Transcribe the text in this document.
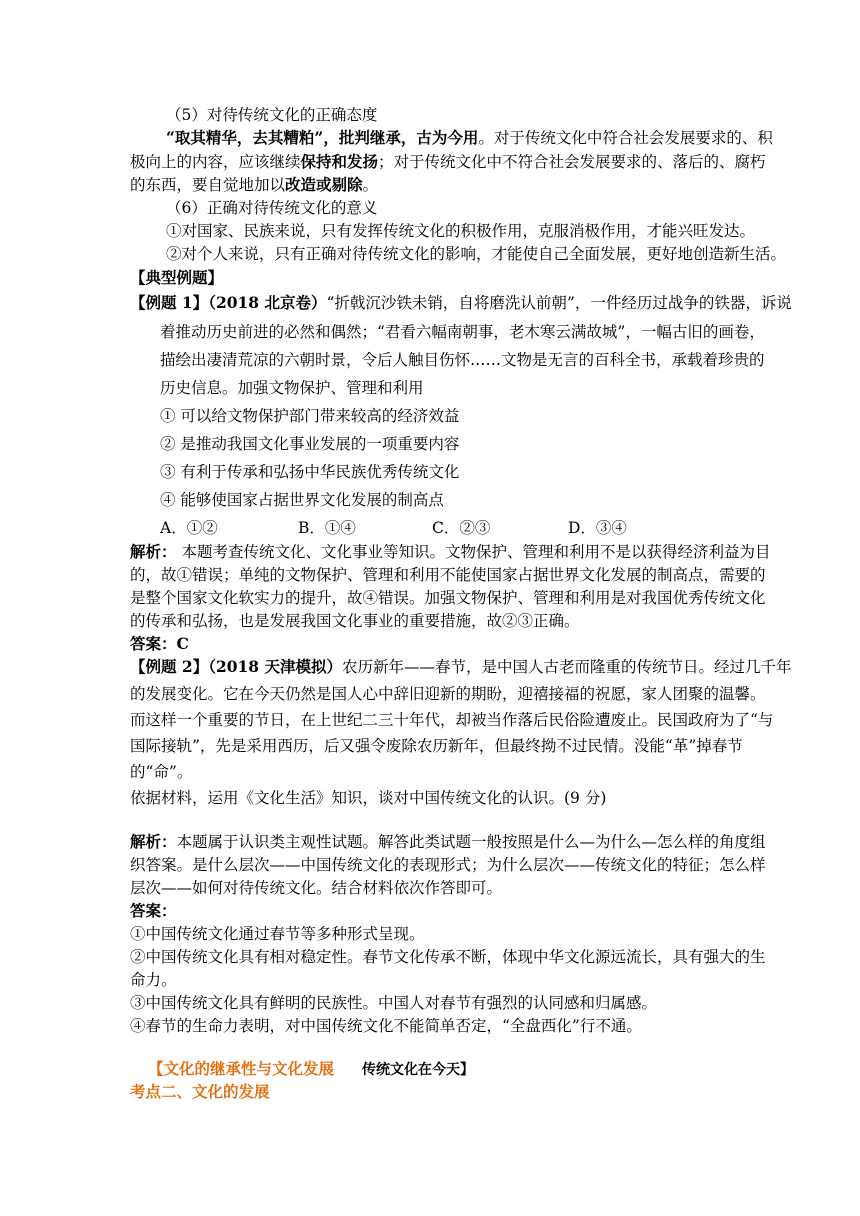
（5）对待传统文化的正确态度
“取其精华，去其糟粕”，批判继承，古为今用。对于传统文化中符合社会发展要求的、积
极向上的内容，应该继续保持和发扬；对于传统文化中不符合社会发展要求的、落后的、腐朽
的东西，要自觉地加以改造或剔除。
（6）正确对待传统文化的意义
①对国家、民族来说，只有发挥传统文化的积极作用，克服消极作用，才能兴旺发达。
②对个人来说，只有正确对待传统文化的影响，才能使自己全面发展，更好地创造新生活。
【典型例题】
【例题 1】（2018 北京卷）“折戟沉沙铁未销，自将磨洗认前朝”，一件经历过战争的铁器，诉说
着推动历史前进的必然和偶然；“君看六幅南朝事，老木寒云满故城”，一幅古旧的画卷，
描绘出凄清荒凉的六朝时景，令后人触目伤怀……文物是无言的百科全书，承载着珍贵的
历史信息。加强文物保护、管理和利用
① 可以给文物保护部门带来较高的经济效益
② 是推动我国文化事业发展的一项重要内容
③ 有利于传承和弘扬中华民族优秀传统文化
④ 能够使国家占据世界文化发展的制高点
A．①②	B．①④	C．②③	D．③④
解析： 本题考查传统文化、文化事业等知识。文物保护、管理和利用不是以获得经济利益为目
的，故①错误；单纯的文物保护、管理和利用不能使国家占据世界文化发展的制高点，需要的
是整个国家文化软实力的提升，故④错误。加强文物保护、管理和利用是对我国优秀传统文化
的传承和弘扬，也是发展我国文化事业的重要措施，故②③正确。
答案：C
【例题 2】（2018 天津模拟）农历新年——春节，是中国人古老而隆重的传统节日。经过几千年
的发展变化。它在今天仍然是国人心中辞旧迎新的期盼，迎禧接福的祝愿，家人团聚的温馨。
而这样一个重要的节日，在上世纪二三十年代，却被当作落后民俗险遭废止。民国政府为了“与
国际接轨”，先是采用西历，后又强令废除农历新年，但最终拗不过民情。没能“革”掉春节
的“命”。
依据材料，运用《文化生活》知识，谈对中国传统文化的认识。(9 分)
解析：本题属于认识类主观性试题。解答此类试题一般按照是什么—为什么—怎么样的角度组
织答案。是什么层次——中国传统文化的表现形式；为什么层次——传统文化的特征；怎么样
层次——如何对待传统文化。结合材料依次作答即可。
答案：
①中国传统文化通过春节等多种形式呈现。
②中国传统文化具有相对稳定性。春节文化传承不断，体现中华文化源远流长，具有强大的生
命力。
③中国传统文化具有鲜明的民族性。中国人对春节有强烈的认同感和归属感。
④春节的生命力表明，对中国传统文化不能简单否定，“全盘西化”行不通。
【文化的继承性与文化发展 传统文化在今天】
考点二、文化的发展
